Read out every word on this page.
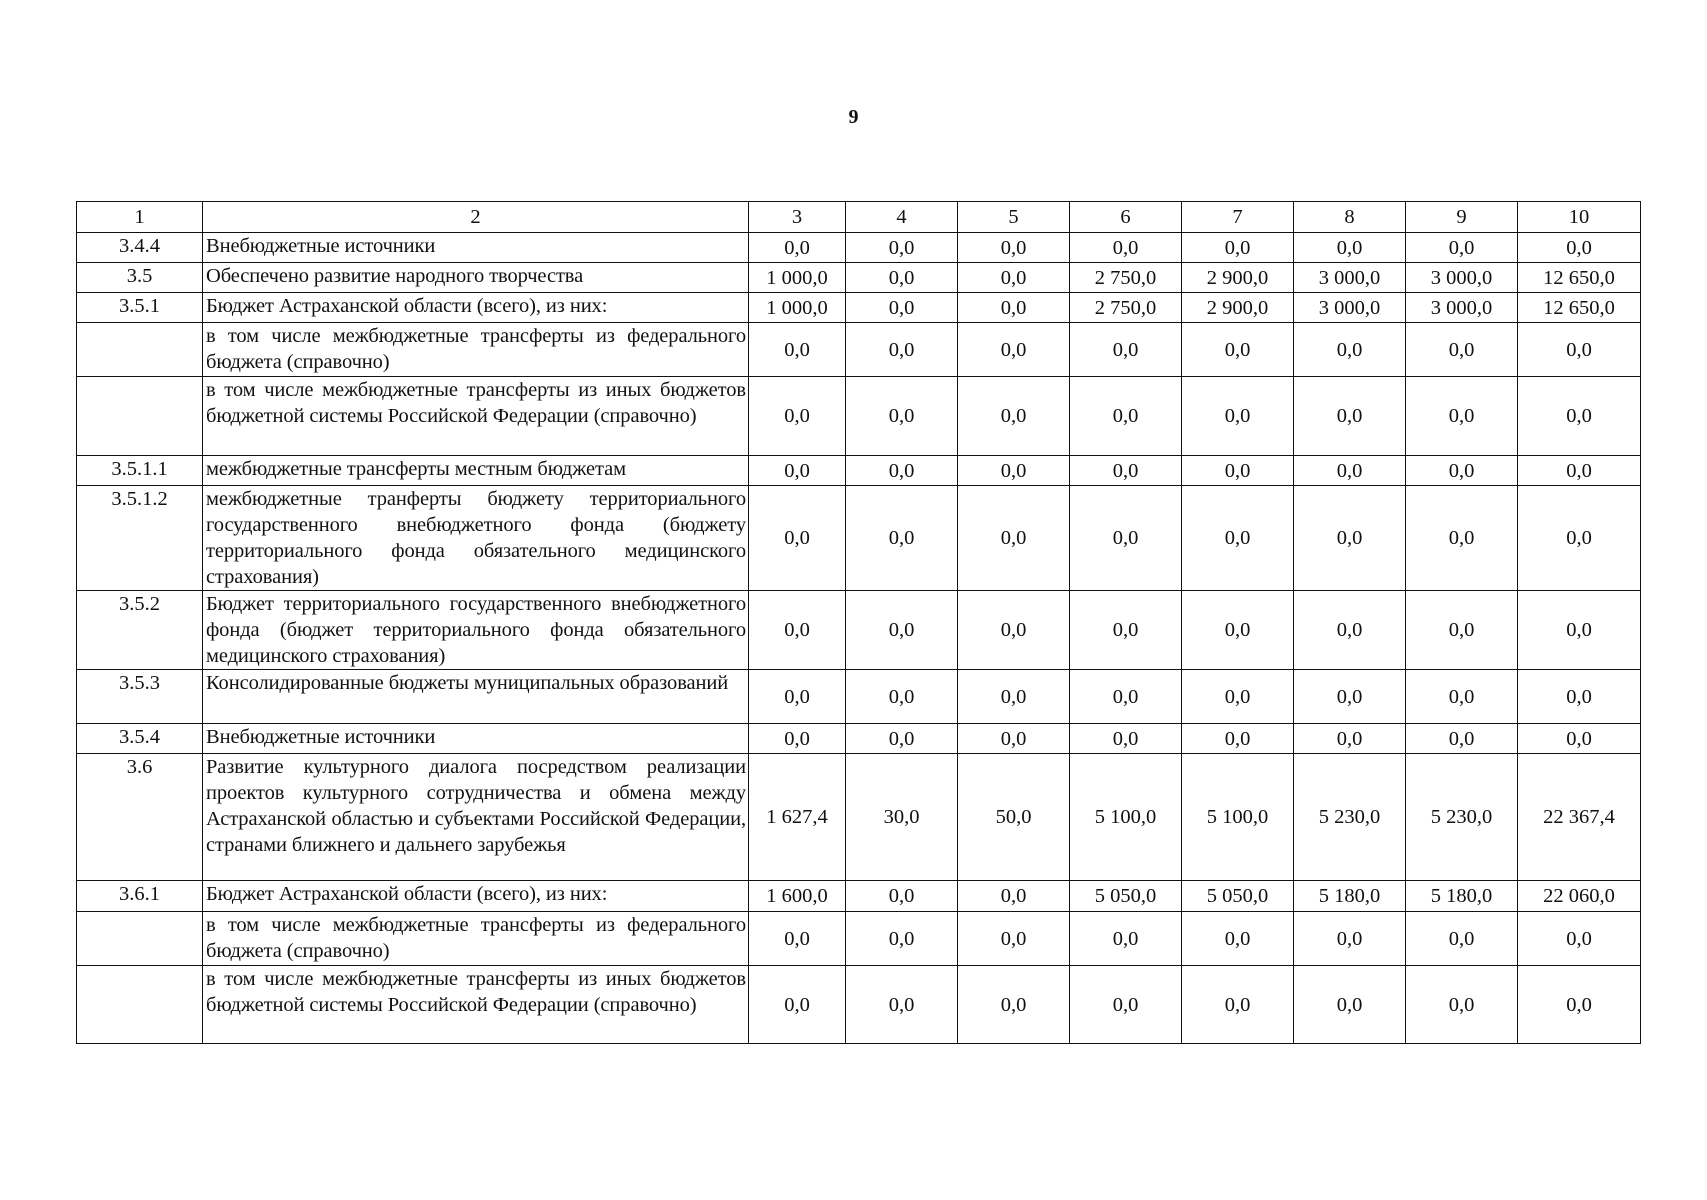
9
1	2	3	4	5	6	7	8	9	10
3.4.4	Внебюджетные источники	0,0	0,0	0,0	0,0	0,0	0,0	0,0	0,0
3.5	Обеспечено развитие народного творчества	1 000,0	0,0	0,0	2 750,0	2 900,0	3 000,0	3 000,0	12 650,0
3.5.1	Бюджет Астраханской области (всего), из них:	1 000,0	0,0	0,0	2 750,0	2 900,0	3 000,0	3 000,0	12 650,0
	в том числе межбюджетные трансферты из федерального бюджета (справочно)	0,0	0,0	0,0	0,0	0,0	0,0	0,0	0,0
	в том числе межбюджетные трансферты из иных бюджетов бюджетной системы Российской Федерации (справочно)	0,0	0,0	0,0	0,0	0,0	0,0	0,0	0,0
3.5.1.1	межбюджетные трансферты местным бюджетам	0,0	0,0	0,0	0,0	0,0	0,0	0,0	0,0
3.5.1.2	межбюджетные транферты бюджету территориального государственного внебюджетного фонда (бюджету территориального фонда обязательного медицинского страхования)	0,0	0,0	0,0	0,0	0,0	0,0	0,0	0,0
3.5.2	Бюджет территориального государственного внебюджетного фонда (бюджет территориального фонда обязательного медицинского страхования)	0,0	0,0	0,0	0,0	0,0	0,0	0,0	0,0
3.5.3	Консолидированные бюджеты муниципальных образований	0,0	0,0	0,0	0,0	0,0	0,0	0,0	0,0
3.5.4	Внебюджетные источники	0,0	0,0	0,0	0,0	0,0	0,0	0,0	0,0
3.6	Развитие культурного диалога посредством реализации проектов культурного сотрудничества и обмена между Астраханской областью и субъектами Российской Федерации, странами ближнего и дальнего зарубежья	1 627,4	30,0	50,0	5 100,0	5 100,0	5 230,0	5 230,0	22 367,4
3.6.1	Бюджет Астраханской области (всего), из них:	1 600,0	0,0	0,0	5 050,0	5 050,0	5 180,0	5 180,0	22 060,0
	в том числе межбюджетные трансферты из федерального бюджета (справочно)	0,0	0,0	0,0	0,0	0,0	0,0	0,0	0,0
	в том числе межбюджетные трансферты из иных бюджетов бюджетной системы Российской Федерации (справочно)	0,0	0,0	0,0	0,0	0,0	0,0	0,0	0,0
